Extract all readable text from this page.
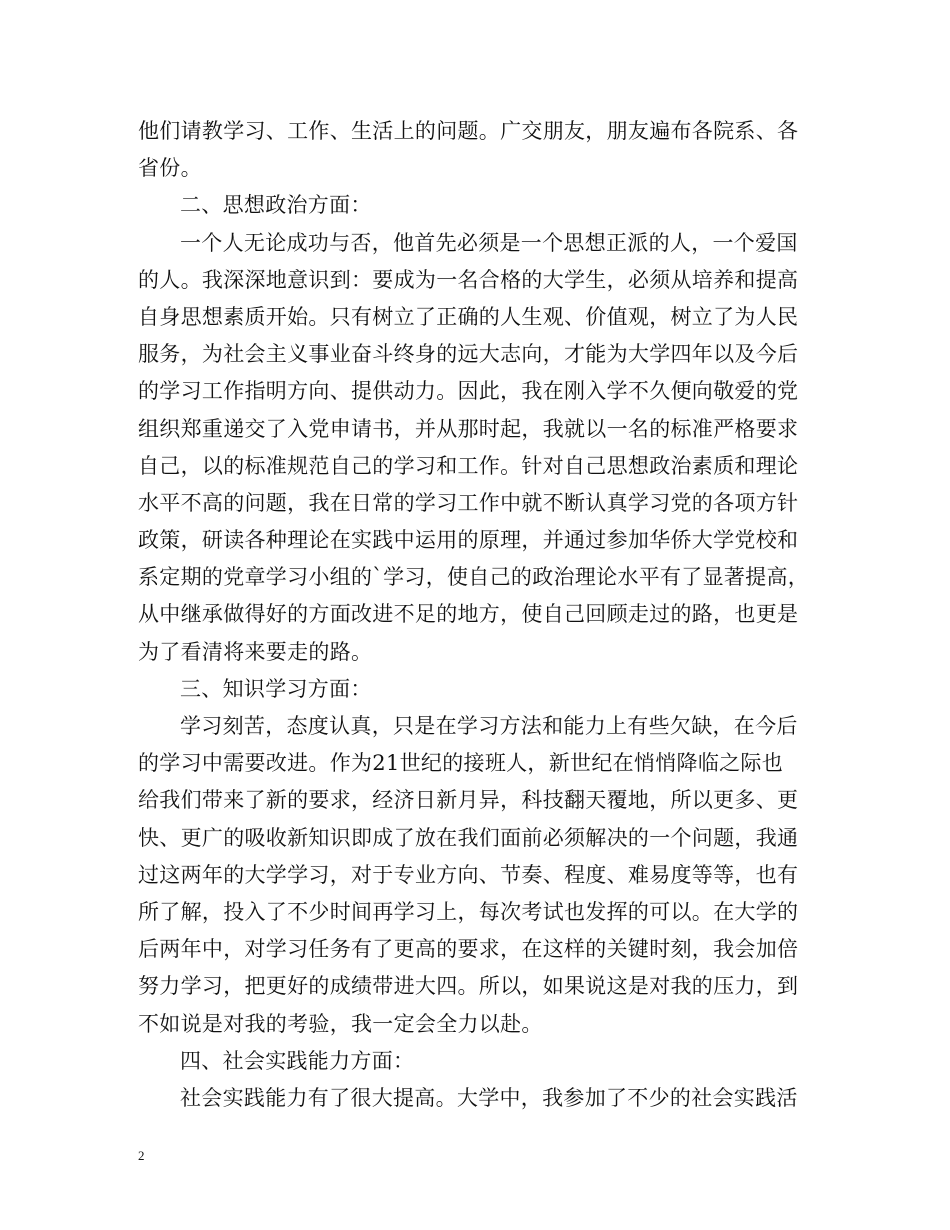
他们请教学习、工作、生活上的问题。广交朋友，朋友遍布各院系、各
省份。
二、思想政治方面：
一个人无论成功与否，他首先必须是一个思想正派的人，一个爱国
的人。我深深地意识到：要成为一名合格的大学生，必须从培养和提高
自身思想素质开始。只有树立了正确的人生观、价值观，树立了为人民
服务，为社会主义事业奋斗终身的远大志向，才能为大学四年以及今后
的学习工作指明方向、提供动力。因此，我在刚入学不久便向敬爱的党
组织郑重递交了入党申请书，并从那时起，我就以一名的标准严格要求
自己，以的标准规范自己的学习和工作。针对自己思想政治素质和理论
水平不高的问题，我在日常的学习工作中就不断认真学习党的各项方针
政策，研读各种理论在实践中运用的原理，并通过参加华侨大学党校和
系定期的党章学习小组的`学习，使自己的政治理论水平有了显著提高，
从中继承做得好的方面改进不足的地方，使自己回顾走过的路，也更是
为了看清将来要走的路。
三、知识学习方面：
学习刻苦，态度认真，只是在学习方法和能力上有些欠缺，在今后
的学习中需要改进。作为21世纪的接班人，新世纪在悄悄降临之际也
给我们带来了新的要求，经济日新月异，科技翻天覆地，所以更多、更
快、更广的吸收新知识即成了放在我们面前必须解决的一个问题，我通
过这两年的大学学习，对于专业方向、节奏、程度、难易度等等，也有
所了解，投入了不少时间再学习上，每次考试也发挥的可以。在大学的
后两年中，对学习任务有了更高的要求，在这样的关键时刻，我会加倍
努力学习，把更好的成绩带进大四。所以，如果说这是对我的压力，到
不如说是对我的考验，我一定会全力以赴。
四、社会实践能力方面：
社会实践能力有了很大提高。大学中，我参加了不少的社会实践活
2
